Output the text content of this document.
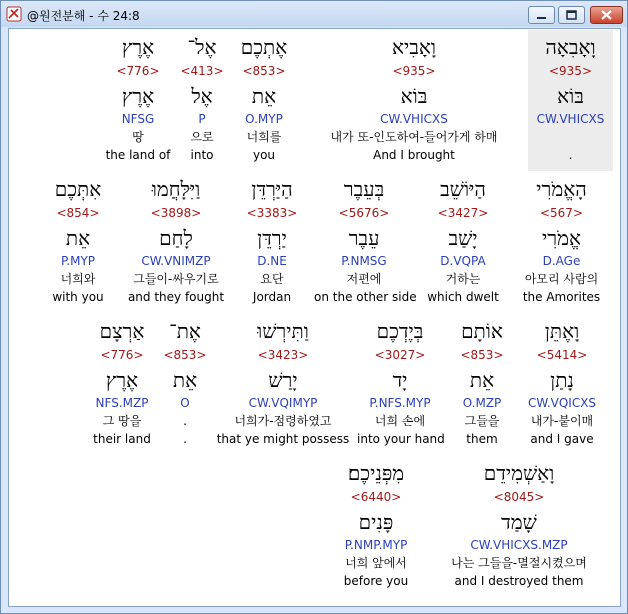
@원전분해 - 수 24:8
וָאָבִאָה
<935>
בּוֹא
CW.VHICXS
.
וָאָבִיא
<935>
בּוֹא
CW.VHICXS
내가 또-인도하여-들어가게 하매
And I brought
אֶתְכֶם
<853>
אֵת
O.MYP
너희를
you
אֶל־
<413>
אֶל
P
으로
into
אֶרֶץ
<776>
אֶרֶץ
NFSG
땅
the land of
הָאֱמֹרִי
<567>
אֱמֹרִי
D.AGe
아모리 사람의
the Amorites
הַיּוֹשֵׁב
<3427>
יָשַׁב
D.VQPA
거하는
which dwelt
בְּעֵבֶר
<5676>
עֵבֶר
P.NMSG
저편에
on the other side
הַיַּרְדֵּן
<3383>
יַרְדֵּן
D.NE
요단
Jordan
וַיִּלָּחֲמוּ
<3898>
לָחַם
CW.VNIMZP
그들이-싸우기로
and they fought
אִתְּכֶם
<854>
אֵת
P.MYP
너희와
with you
וָאֶתֵּן
<5414>
נָתַן
CW.VQICXS
내가-붙이매
and I gave
אוֹתָם
<853>
אֵת
O.MZP
그들을
them
בְּיֶדְכֶם
<3027>
יָד
P.NFS.MYP
너희 손에
into your hand
וַתִּירְשׁוּ
<3423>
יָרַשׁ
CW.VQIMYP
너희가-점령하였고
that ye might possess
אֶת־
<853>
אֵת
O
.
.
אַרְצָם
<776>
אֶרֶץ
NFS.MZP
그 땅을
their land
וָאַשְׁמִידֵם
<8045>
שָׁמַד
CW.VHICXS.MZP
나는 그들을-멸절시켰으며
and I destroyed them
מִפְּנֵיכֶם׃
<6440>
פָּנִים
P.NMP.MYP
너희 앞에서
before you
